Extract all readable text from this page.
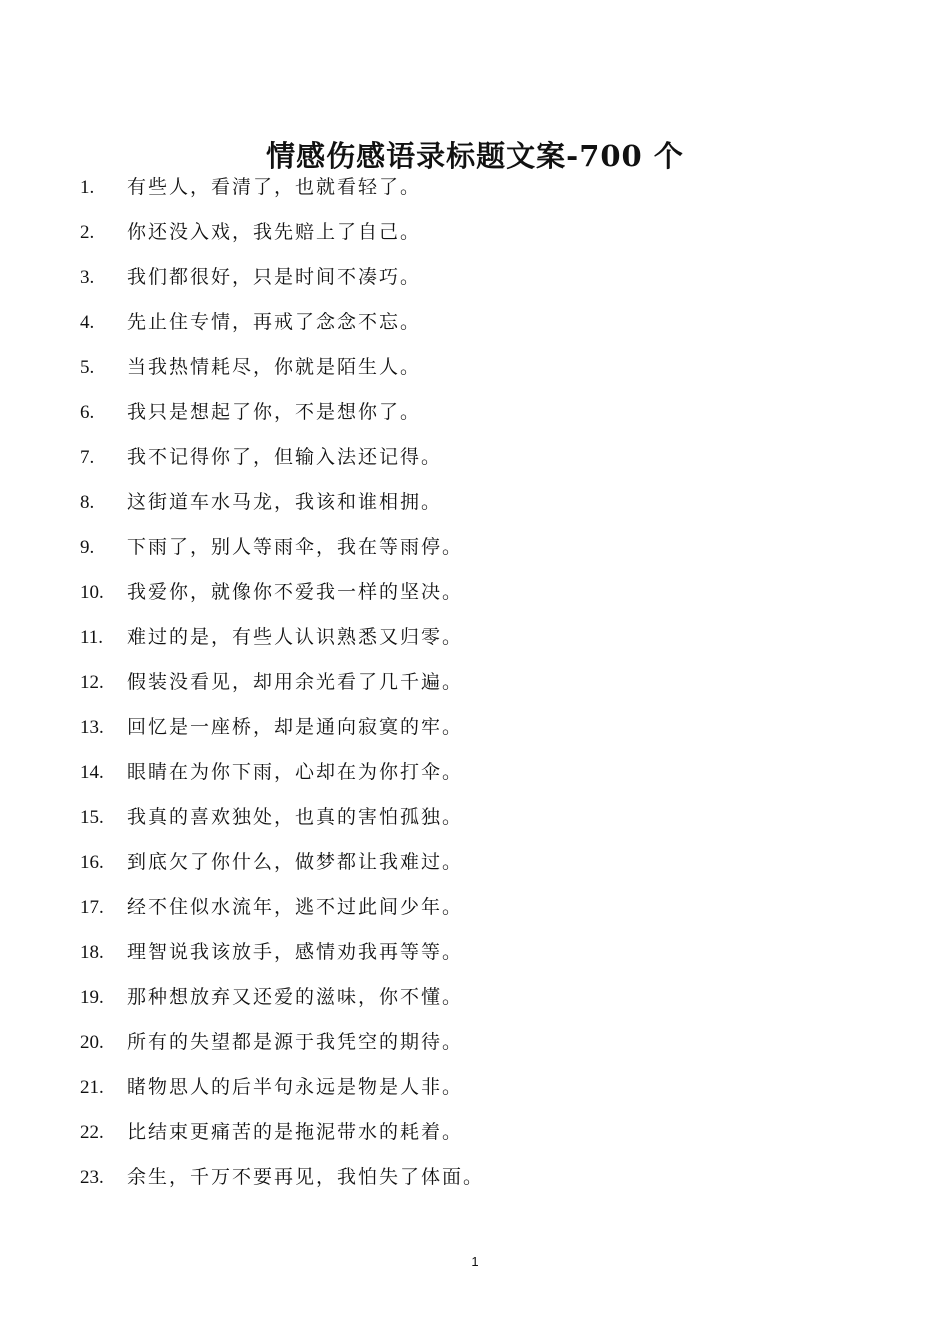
情感伤感语录标题文案-700 个
1.	有些人，看清了，也就看轻了。
2.	你还没入戏，我先赔上了自己。
3.	我们都很好，只是时间不凑巧。
4.	先止住专情，再戒了念念不忘。
5.	当我热情耗尽，你就是陌生人。
6.	我只是想起了你，不是想你了。
7.	我不记得你了，但输入法还记得。
8.	这街道车水马龙，我该和谁相拥。
9.	下雨了，别人等雨伞，我在等雨停。
10.	我爱你，就像你不爱我一样的坚决。
11.	难过的是，有些人认识熟悉又归零。
12.	假装没看见，却用余光看了几千遍。
13.	回忆是一座桥，却是通向寂寞的牢。
14.	眼睛在为你下雨，心却在为你打伞。
15.	我真的喜欢独处，也真的害怕孤独。
16.	到底欠了你什么，做梦都让我难过。
17.	经不住似水流年，逃不过此间少年。
18.	理智说我该放手，感情劝我再等等。
19.	那种想放弃又还爱的滋味，你不懂。
20.	所有的失望都是源于我凭空的期待。
21.	睹物思人的后半句永远是物是人非。
22.	比结束更痛苦的是拖泥带水的耗着。
23.	余生，千万不要再见，我怕失了体面。
1
